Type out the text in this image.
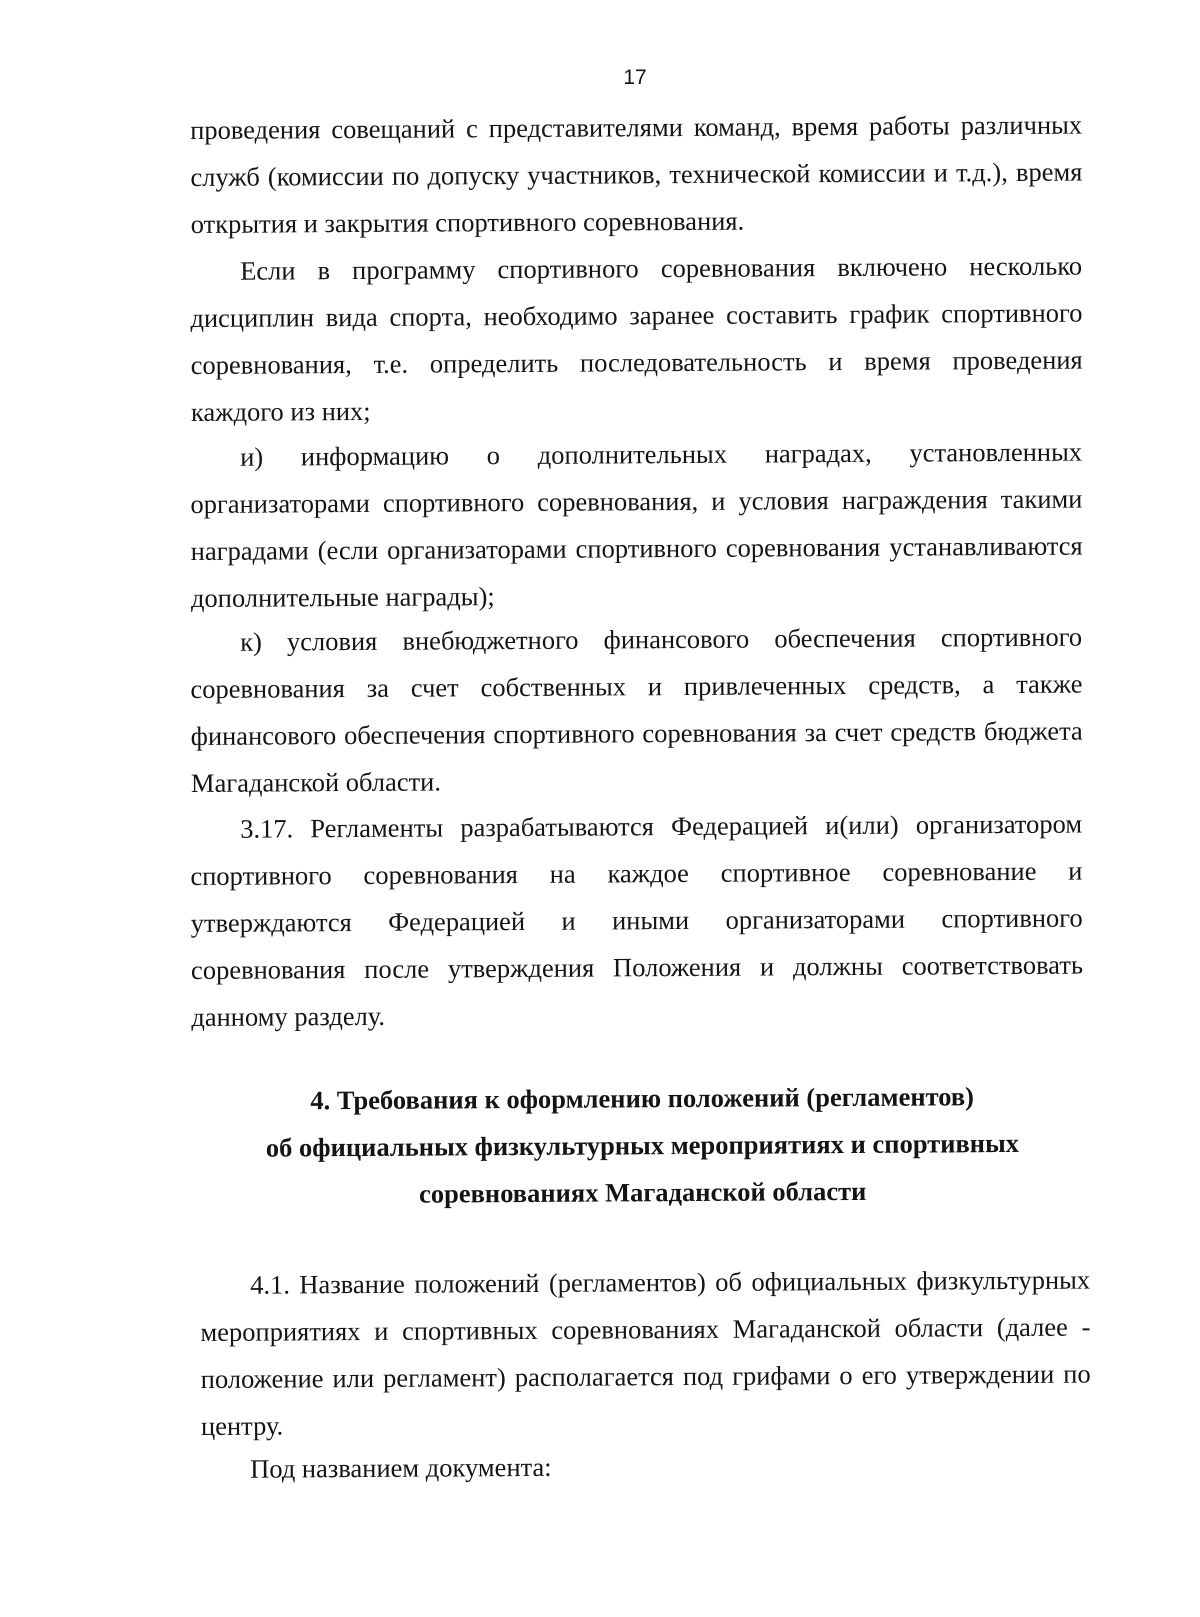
17
проведения совещаний с представителями команд, время работы различных служб (комиссии по допуску участников, технической комиссии и т.д.), время открытия и закрытия спортивного соревнования.
Если в программу спортивного соревнования включено несколько дисциплин вида спорта, необходимо заранее составить график спортивного соревнования, т.е. определить последовательность и время проведения каждого из них;
и) информацию о дополнительных наградах, установленных организаторами спортивного соревнования, и условия награждения такими наградами (если организаторами спортивного соревнования устанавливаются дополнительные награды);
к) условия внебюджетного финансового обеспечения спортивного соревнования за счет собственных и привлеченных средств, а также финансового обеспечения спортивного соревнования за счет средств бюджета Магаданской области.
3.17. Регламенты разрабатываются Федерацией и(или) организатором спортивного соревнования на каждое спортивное соревнование и утверждаются Федерацией и иными организаторами спортивного соревнования после утверждения Положения и должны соответствовать данному разделу.
4. Требования к оформлению положений (регламентов)
об официальных физкультурных мероприятиях и спортивных
соревнованиях Магаданской области
4.1. Название положений (регламентов) об официальных физкультурных мероприятиях и спортивных соревнованиях Магаданской области (далее - положение или регламент) располагается под грифами о его утверждении по центру.
Под названием документа:
